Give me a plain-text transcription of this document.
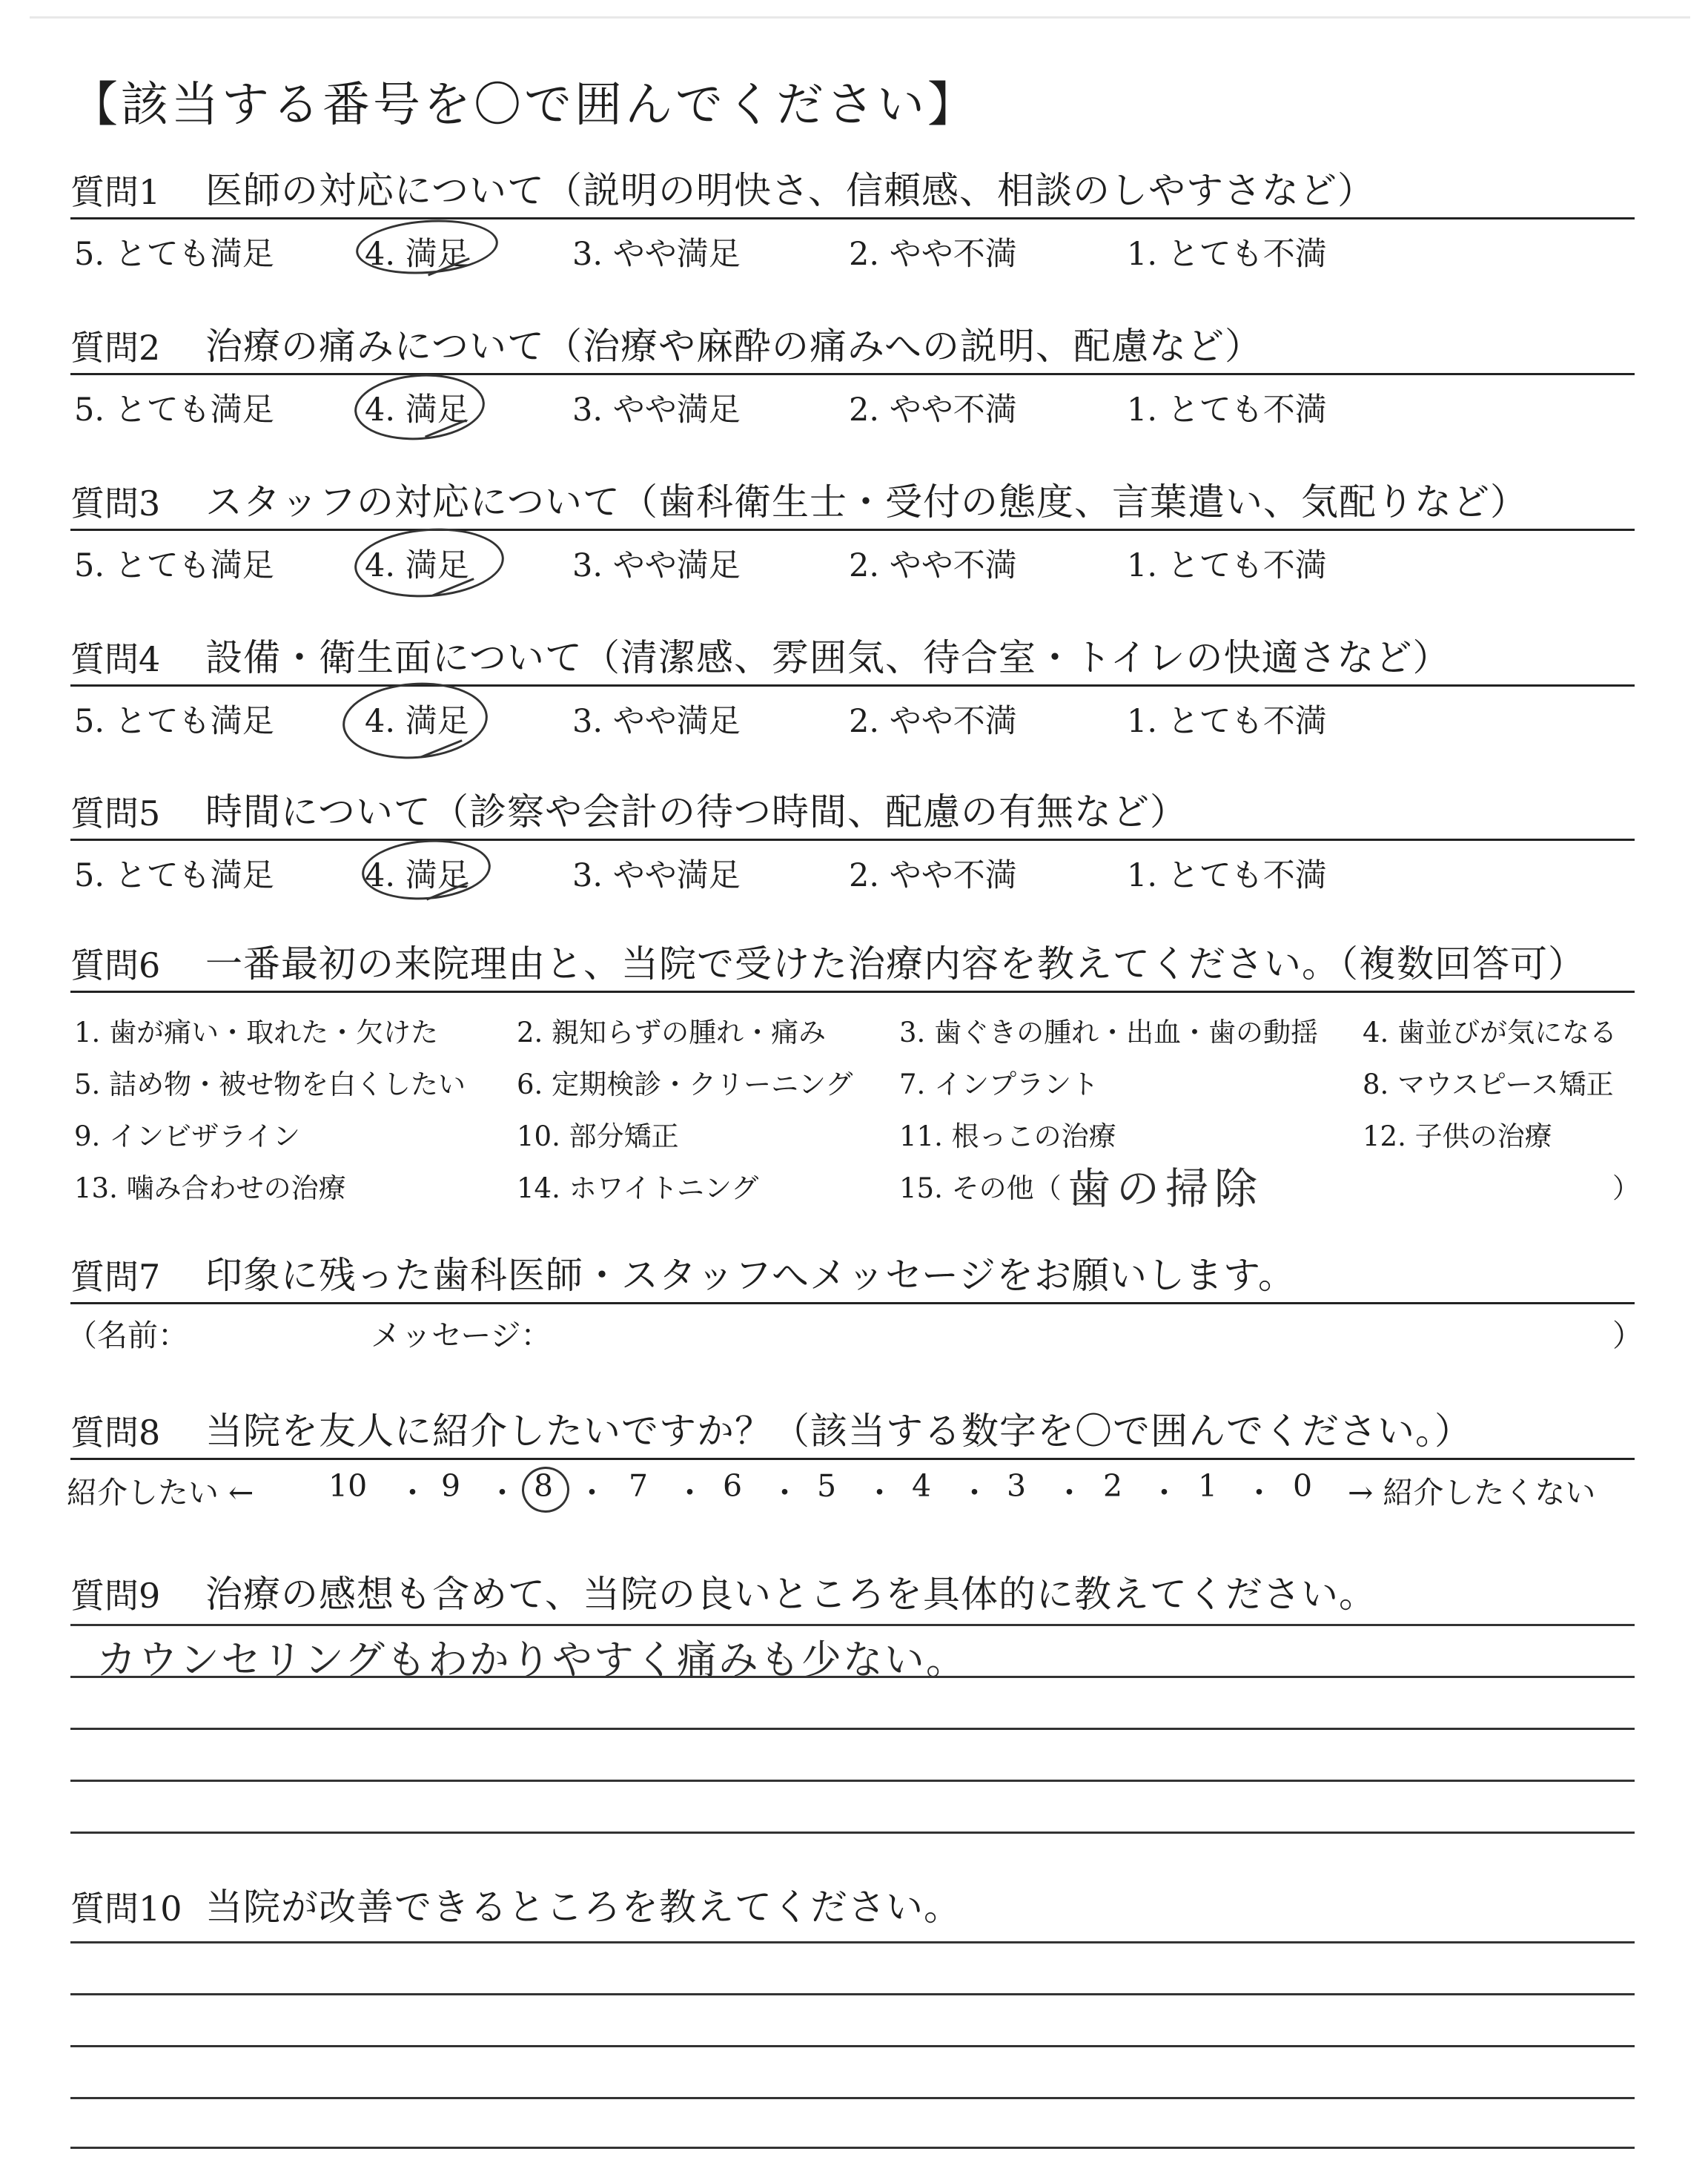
【該当する番号を〇で囲んでください】
質問1 医師の対応について（説明の明快さ、信頼感、相談のしやすさなど）
5. とても満足	4. 満足	3. やや満足	2. やや不満	1. とても不満
質問2 治療の痛みについて（治療や麻酔の痛みへの説明、配慮など）
5. とても満足	4. 満足	3. やや満足	2. やや不満	1. とても不満
質問3 スタッフの対応について（歯科衛生士・受付の態度、言葉遣い、気配りなど）
5. とても満足	4. 満足	3. やや満足	2. やや不満	1. とても不満
質問4 設備・衛生面について（清潔感、雰囲気、待合室・トイレの快適さなど）
5. とても満足	4. 満足	3. やや満足	2. やや不満	1. とても不満
質問5 時間について（診察や会計の待つ時間、配慮の有無など）
5. とても満足	4. 満足	3. やや満足	2. やや不満	1. とても不満
質問6 一番最初の来院理由と、当院で受けた治療内容を教えてください。（複数回答可）
1. 歯が痛い・取れた・欠けた	2. 親知らずの腫れ・痛み	3. 歯ぐきの腫れ・出血・歯の動揺 4. 歯並びが気になる
5. 詰め物・被せ物を白くしたい 6. 定期検診・クリーニング 7. インプラント	8. マウスピース矯正
9. インビザライン	10. 部分矯正	11. 根っこの治療	12. 子供の治療
13. 噛み合わせの治療	14. ホワイトニング	15. その他（ 歯の掃除	）
質問7 印象に残った歯科医師・スタッフへメッセージをお願いします。
（名前：	メッセージ：	）
質問8 当院を友人に紹介したいですか？（該当する数字を〇で囲んでください。）
紹介したい ← 10 ・ 9 ・ 8 ・ 7 ・ 6 ・ 5 ・ 4 ・ 3 ・ 2 ・ 1 ・ 0 → 紹介したくない
質問9 治療の感想も含めて、当院の良いところを具体的に教えてください。
カウンセリングもわかりやすく痛みも少ない。
質問10 当院が改善できるところを教えてください。
